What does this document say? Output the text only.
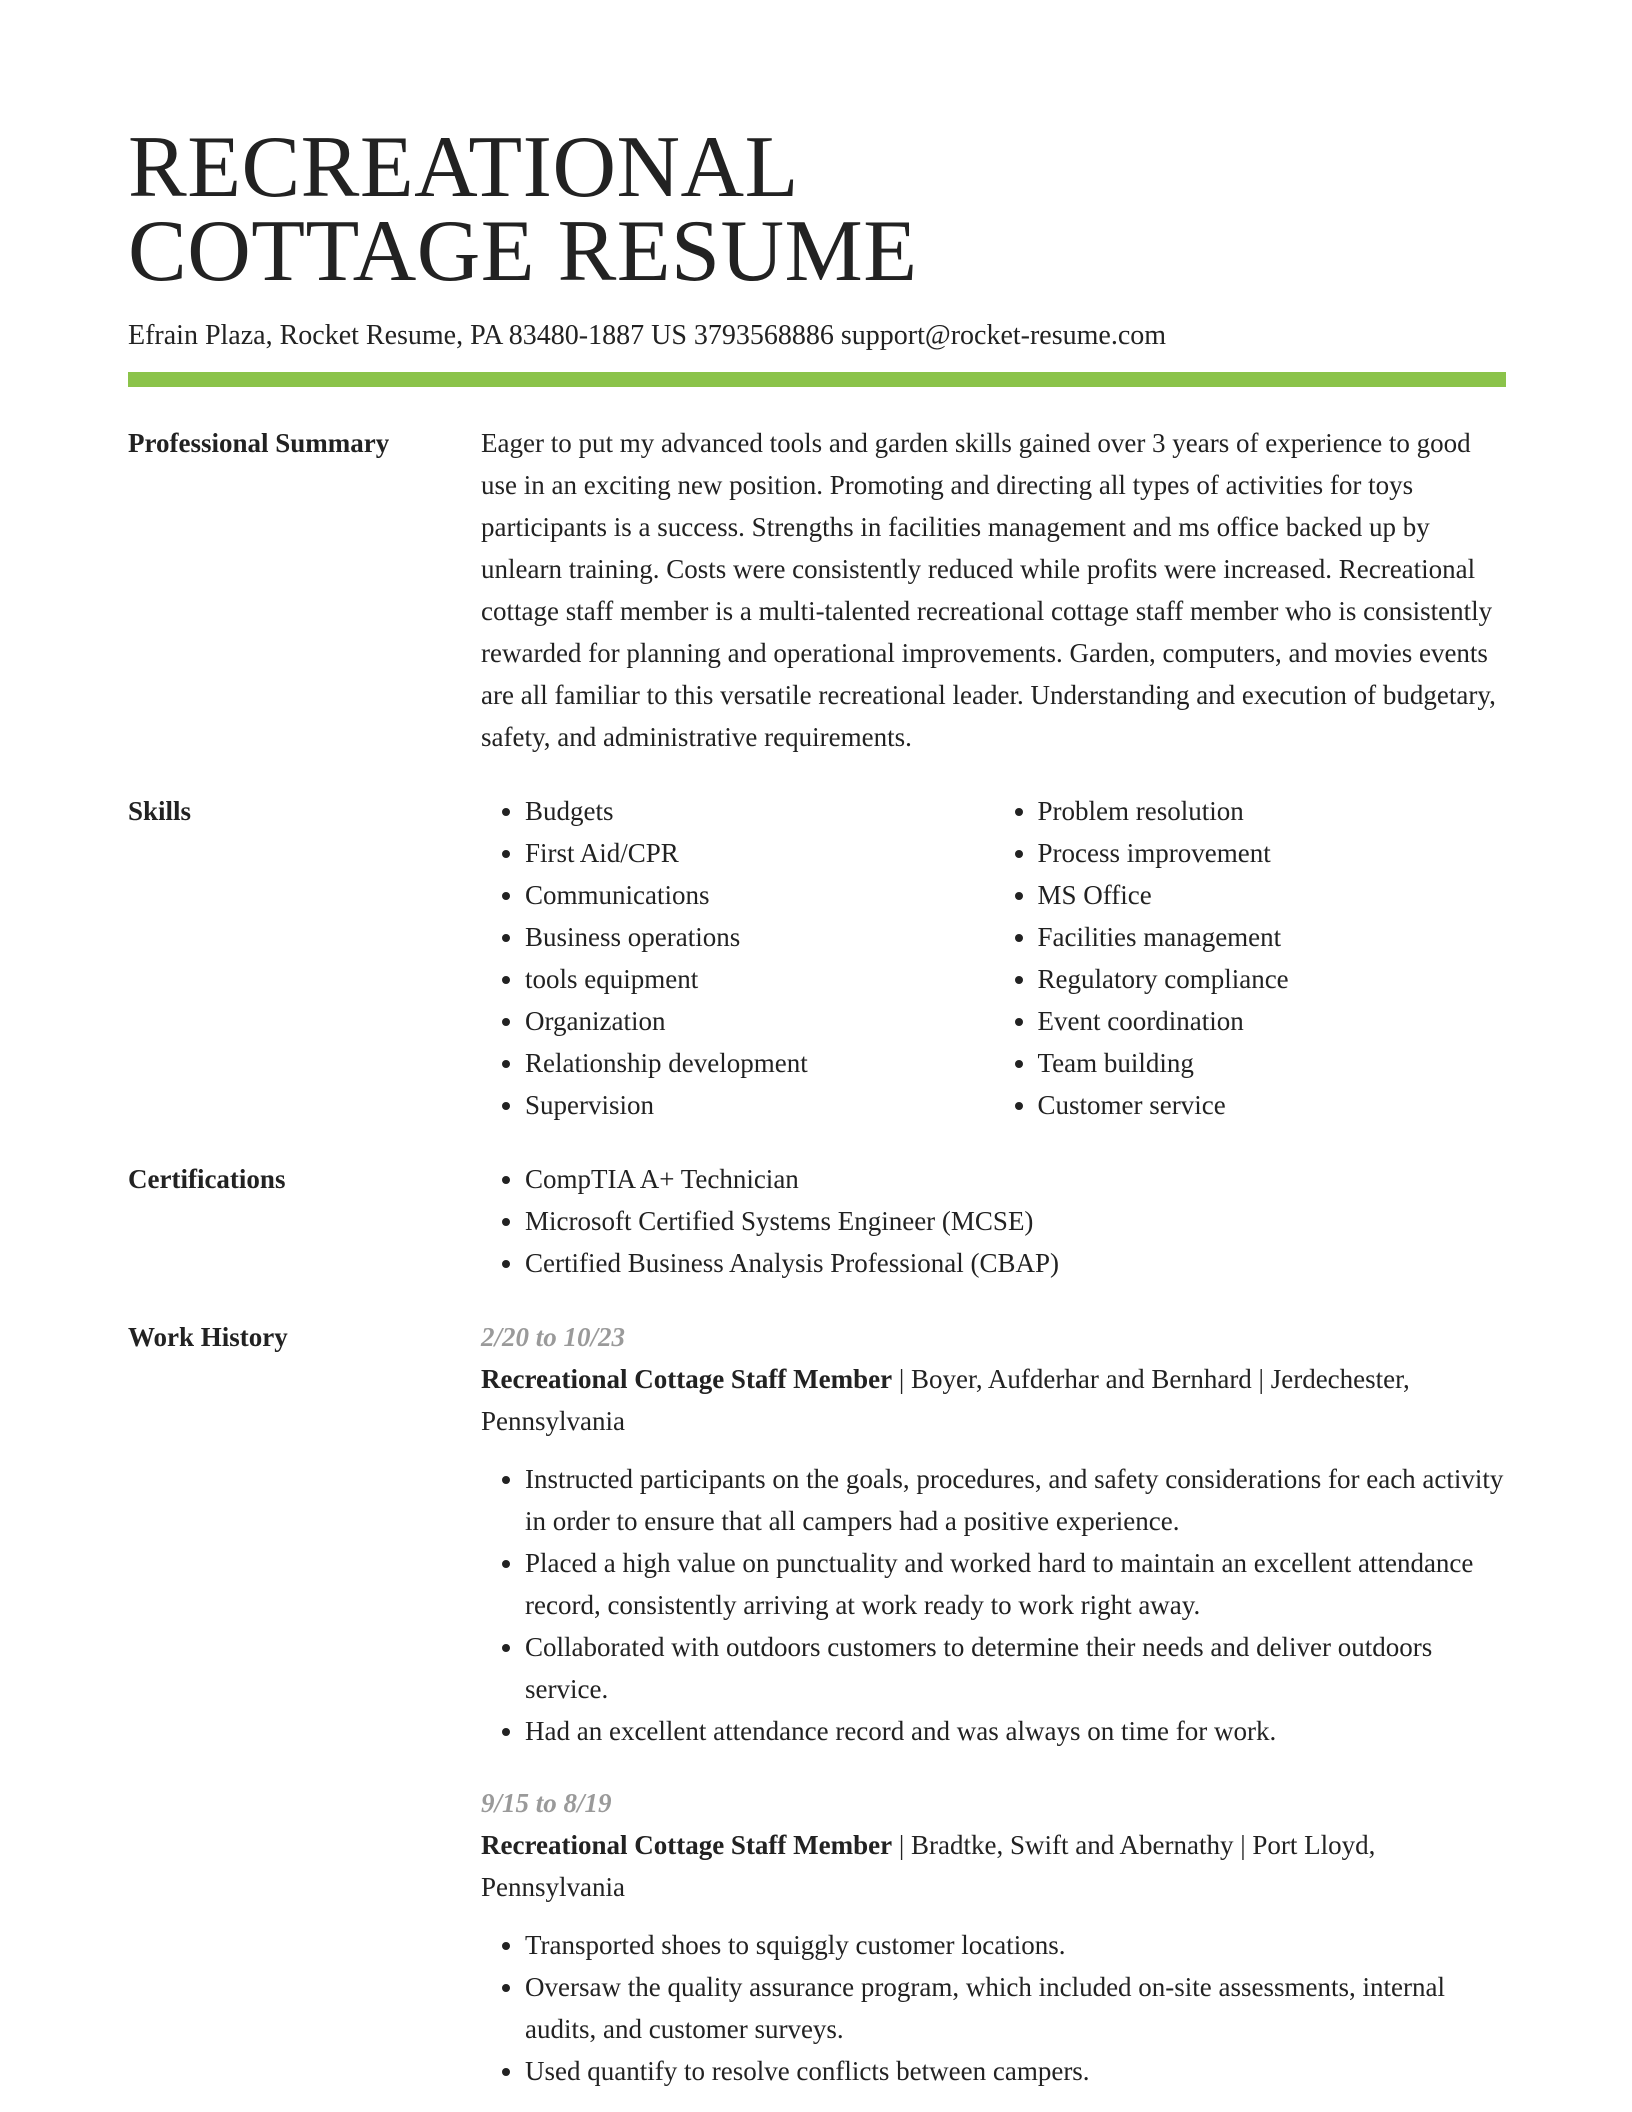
RECREATIONAL
COTTAGE RESUME
Efrain Plaza, Rocket Resume, PA 83480-1887 US 3793568886 support@rocket-resume.com
Professional Summary	Eager to put my advanced tools and garden skills gained over 3 years of experience to good use in an exciting new position. Promoting and directing all types of activities for toys participants is a success. Strengths in facilities management and ms office backed up by unlearn training. Costs were consistently reduced while profits were increased. Recreational cottage staff member is a multi-talented recreational cottage staff member who is consistently rewarded for planning and operational improvements. Garden, computers, and movies events are all familiar to this versatile recreational leader. Understanding and execution of budgetary, safety, and administrative requirements.
Skills	• Budgets
• First Aid/CPR
• Communications
• Business operations
• tools equipment
• Organization
• Relationship development
• Supervision
• Problem resolution
• Process improvement
• MS Office
• Facilities management
• Regulatory compliance
• Event coordination
• Team building
• Customer service
Certifications	• CompTIA A+ Technician
• Microsoft Certified Systems Engineer (MCSE)
• Certified Business Analysis Professional (CBAP)
Work History	2/20 to 10/23
Recreational Cottage Staff Member | Boyer, Aufderhar and Bernhard | Jerdechester, Pennsylvania
• Instructed participants on the goals, procedures, and safety considerations for each activity in order to ensure that all campers had a positive experience.
• Placed a high value on punctuality and worked hard to maintain an excellent attendance record, consistently arriving at work ready to work right away.
• Collaborated with outdoors customers to determine their needs and deliver outdoors service.
• Had an excellent attendance record and was always on time for work.
9/15 to 8/19
Recreational Cottage Staff Member | Bradtke, Swift and Abernathy | Port Lloyd, Pennsylvania
• Transported shoes to squiggly customer locations.
• Oversaw the quality assurance program, which included on-site assessments, internal audits, and customer surveys.
• Used quantify to resolve conflicts between campers.
